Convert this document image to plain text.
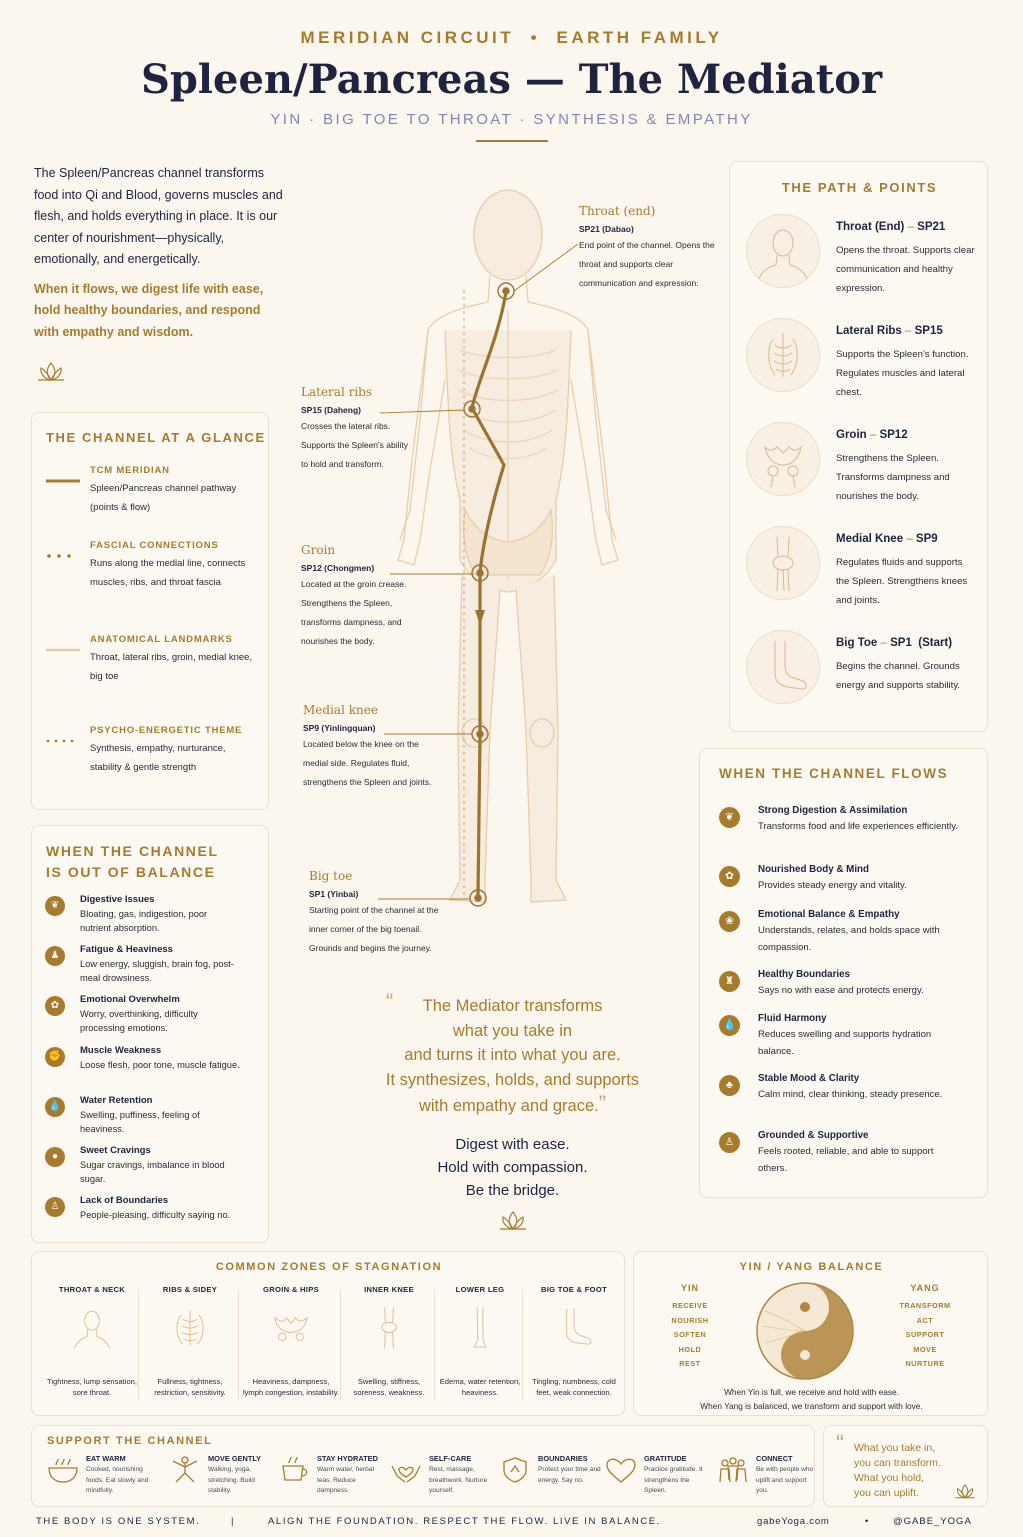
MERIDIAN CIRCUIT  •  EARTH FAMILY
Spleen/Pancreas — The Mediator
YIN · BIG TOE TO THROAT · SYNTHESIS & EMPATHY
The Spleen/Pancreas channel transforms food into Qi and Blood, governs muscles and flesh, and holds everything in place. It is our center of nourishment—physically, emotionally, and energetically.
When it flows, we digest life with ease, hold healthy boundaries, and respond with empathy and wisdom.
THE CHANNEL AT A GLANCE
TCM MERIDIAN
Spleen/Pancreas channel pathway (points & flow)
FASCIAL CONNECTIONS
Runs along the medial line, connects muscles, ribs, and throat fascia
ANATOMICAL LANDMARKS
Throat, lateral ribs, groin, medial knee, big toe
PSYCHO-ENERGETIC THEME
Synthesis, empathy, nurturance, stability & gentle strength
WHEN THE CHANNEL
IS OUT OF BALANCE
❦
Digestive Issues
Bloating, gas, indigestion, poor nutrient absorption.
♟
Fatigue & Heaviness
Low energy, sluggish, brain fog, post-meal drowsiness.
✿
Emotional Overwhelm
Worry, overthinking, difficulty processing emotions.
✊
Muscle Weakness
Loose flesh, poor tone, muscle fatigue.
💧
Water Retention
Swelling, puffiness, feeling of heaviness.
●
Sweet Cravings
Sugar cravings, imbalance in blood sugar.
♙
Lack of Boundaries
People-pleasing, difficulty saying no.
Throat (end)
SP21 (Dabao)
End point of the channel. Opens the throat and supports clear communication and expression.
Lateral ribs
SP15 (Daheng)
Crosses the lateral ribs. Supports the Spleen's ability to hold and transform.
Groin
SP12 (Chongmen)
Located at the groin crease. Strengthens the Spleen, transforms dampness, and nourishes the body.
Medial knee
SP9 (Yinlingquan)
Located below the knee on the medial side. Regulates fluid, strengthens the Spleen and joints.
Big toe
SP1 (Yinbai)
Starting point of the channel at the inner corner of the big toenail. Grounds and begins the journey.
“	The Mediator transforms
what you take in
and turns it into what you are.
It synthesizes, holds, and supports
with empathy and grace.”
Digest with ease.
Hold with compassion.
Be the bridge.
THE PATH & POINTS
Throat (End) – SP21
Opens the throat. Supports clear communication and healthy expression.
Lateral Ribs – SP15
Supports the Spleen's function. Regulates muscles and lateral chest.
Groin – SP12
Strengthens the Spleen. Transforms dampness and nourishes the body.
Medial Knee – SP9
Regulates fluids and supports the Spleen. Strengthens knees and joints.
Big Toe – SP1  (Start)
Begins the channel. Grounds energy and supports stability.
WHEN THE CHANNEL FLOWS
❦
Strong Digestion & Assimilation
Transforms food and life experiences efficiently.
✿
Nourished Body & Mind
Provides steady energy and vitality.
❀
Emotional Balance & Empathy
Understands, relates, and holds space with compassion.
♜
Healthy Boundaries
Says no with ease and protects energy.
💧
Fluid Harmony
Reduces swelling and supports hydration balance.
♣
Stable Mood & Clarity
Calm mind, clear thinking, steady presence.
♙
Grounded & Supportive
Feels rooted, reliable, and able to support others.
COMMON ZONES OF STAGNATION
THROAT & NECK
Tightness, lump sensation, sore throat.
RIBS & SIDEY
Fullness, tightness, restriction, sensitivity.
GROIN & HIPS
Heaviness, dampness, lymph congestion, instability.
INNER KNEE
Swelling, stiffness, soreness, weakness.
LOWER LEG
Edema, water retention, heaviness.
BIG TOE & FOOT
Tingling, numbness, cold feet, weak connection.
YIN / YANG BALANCE
YIN
RECEIVE
NOURISH
SOFTEN
HOLD
REST
YANG
TRANSFORM
ACT
SUPPORT
MOVE
NURTURE
When Yin is full, we receive and hold with ease.
When Yang is balanced, we transform and support with love.
SUPPORT THE CHANNEL
EAT WARM
Cooked, nourishing foods. Eat slowly and mindfully.
MOVE GENTLY
Walking, yoga, stretching. Build stability.
STAY HYDRATED
Warm water, herbal teas. Reduce dampness.
SELF-CARE
Rest, massage, breathwork. Nurture yourself.
BOUNDARIES
Protect your time and energy. Say no.
GRATITUDE
Practice gratitude. It strengthens the Spleen.
CONNECT
Be with people who uplift and support you.
“ What you take in,
you can transform.
What you hold,
you can uplift.
THE BODY IS ONE SYSTEM.	|	ALIGN THE FOUNDATION. RESPECT THE FLOW. LIVE IN BALANCE.	gabeYoga.com	• @GABE_YOGA
